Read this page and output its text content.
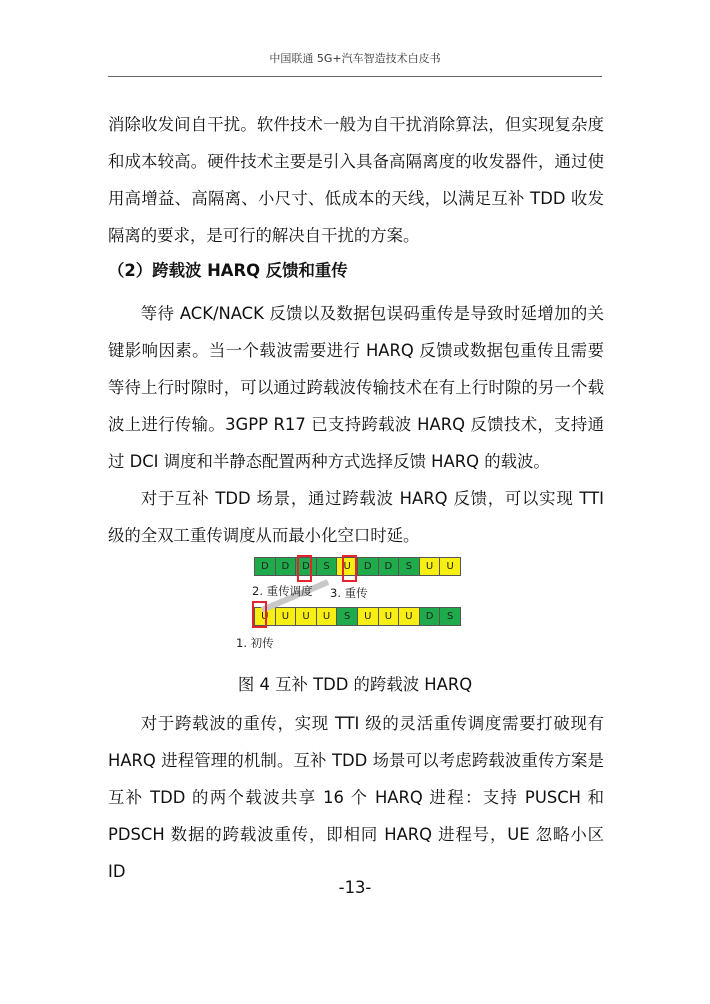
中国联通 5G+汽车智造技术白皮书

消除收发间自干扰。软件技术一般为自干扰消除算法，但实现复杂度和成本较高。硬件技术主要是引入具备高隔离度的收发器件，通过使用高增益、高隔离、小尺寸、低成本的天线，以满足互补 TDD 收发隔离的要求，是可行的解决自干扰的方案。

（2）跨载波 HARQ 反馈和重传

等待 ACK/NACK 反馈以及数据包误码重传是导致时延增加的关键影响因素。当一个载波需要进行 HARQ 反馈或数据包重传且需要等待上行时隙时，可以通过跨载波传输技术在有上行时隙的另一个载波上进行传输。3GPP R17 已支持跨载波 HARQ 反馈技术，支持通过 DCI 调度和半静态配置两种方式选择反馈 HARQ 的载波。

对于互补 TDD 场景，通过跨载波 HARQ 反馈，可以实现 TTI 级的全双工重传调度从而最小化空口时延。

D	D	D	S	U	D	D	S	U	U
U	U	U	U	S	U	U	U	D	S
2. 重传调度 3. 重传
1. 初传
图 4 互补 TDD 的跨载波 HARQ

对于跨载波的重传，实现 TTI 级的灵活重传调度需要打破现有 HARQ 进程管理的机制。互补 TDD 场景可以考虑跨载波重传方案是互补 TDD 的两个载波共享 16 个 HARQ 进程：支持 PUSCH 和 PDSCH 数据的跨载波重传，即相同 HARQ 进程号，UE 忽略小区 ID

-13-
